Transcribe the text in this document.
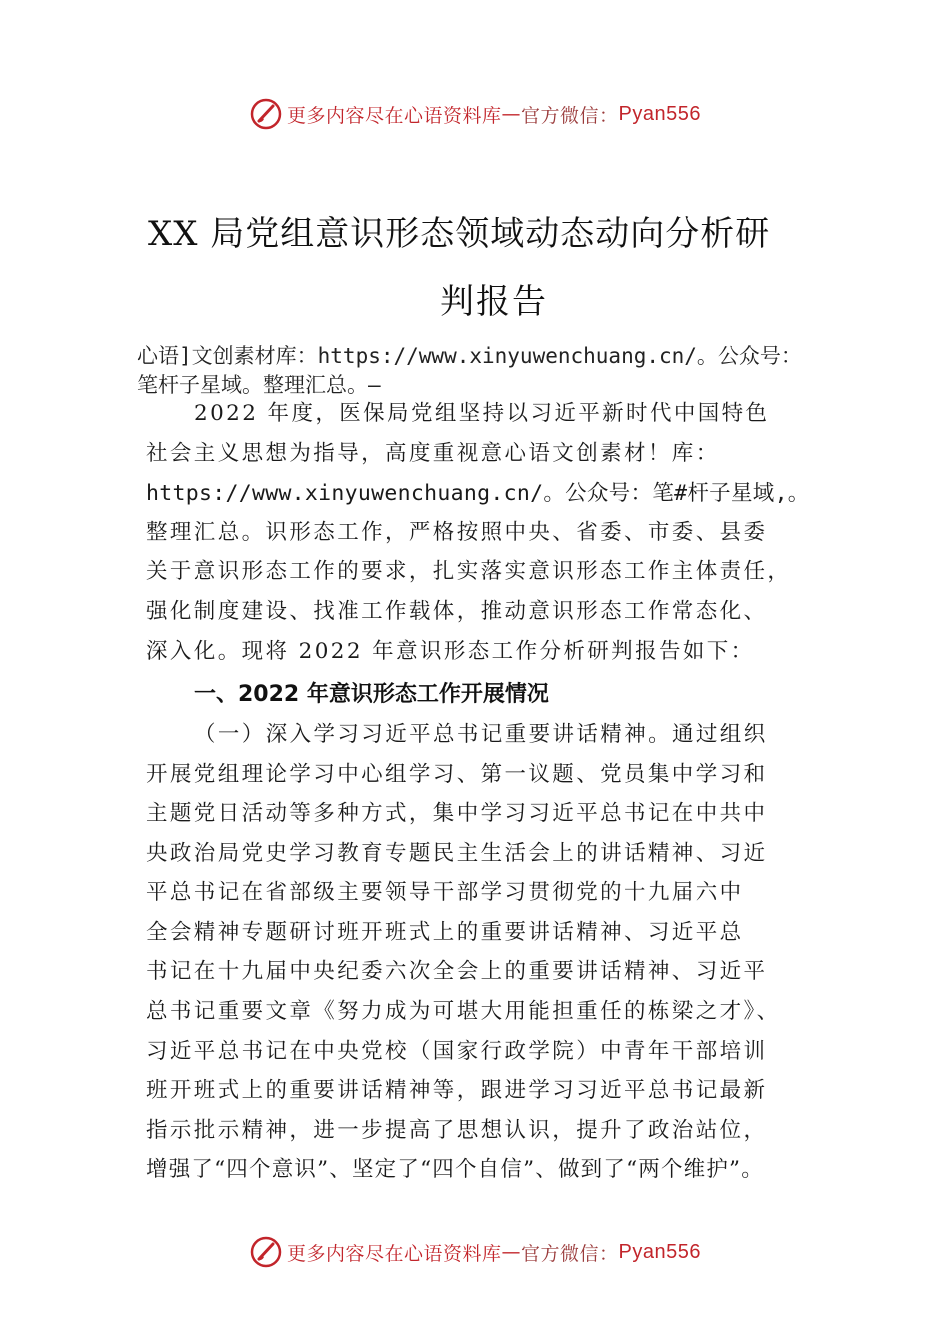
更多内容尽在心语资料库 — 官方微信： Pyan556
XX 局党组意识形态领域动态动向分析研
判报告
心语]文创素材库：https://www.xinyuwenchuang.cn/。公众号：
笔杆子星域。整理汇总。—
2022 年度，医保局党组坚持以习近平新时代中国特色
社会主义思想为指导，高度重视意心语文创素材！库：
https://www.xinyuwenchuang.cn/。公众号：笔#杆子星域,。
整理汇总。识形态工作，严格按照中央、省委、市委、县委
关于意识形态工作的要求，扎实落实意识形态工作主体责任，
强化制度建设、找准工作载体，推动意识形态工作常态化、
深入化。现将 2022 年意识形态工作分析研判报告如下：
一、2022 年意识形态工作开展情况
（一）深入学习习近平总书记重要讲话精神。通过组织
开展党组理论学习中心组学习、第一议题、党员集中学习和
主题党日活动等多种方式，集中学习习近平总书记在中共中
央政治局党史学习教育专题民主生活会上的讲话精神、习近
平总书记在省部级主要领导干部学习贯彻党的十九届六中
全会精神专题研讨班开班式上的重要讲话精神、习近平总
书记在十九届中央纪委六次全会上的重要讲话精神、习近平
总书记重要文章《努力成为可堪大用能担重任的栋梁之才》、
习近平总书记在中央党校（国家行政学院）中青年干部培训
班开班式上的重要讲话精神等，跟进学习习近平总书记最新
指示批示精神，进一步提高了思想认识，提升了政治站位，
增强了“四个意识”、坚定了“四个自信”、做到了“两个维护”。
更多内容尽在心语资料库 — 官方微信： Pyan556
